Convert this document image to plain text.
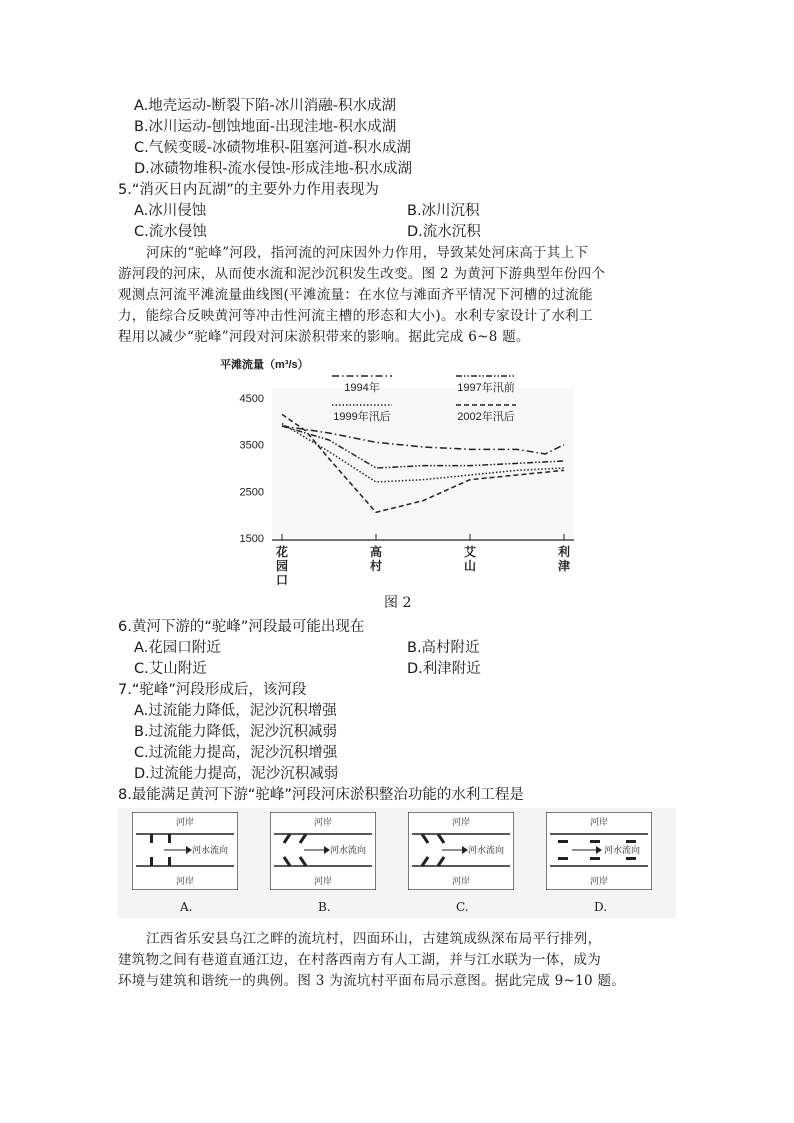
A.地壳运动-断裂下陷-冰川消融-积水成湖
B.冰川运动-刨蚀地面-出现洼地-积水成湖
C.气候变暖-冰碛物堆积-阻塞河道-积水成湖
D.冰碛物堆积-流水侵蚀-形成洼地-积水成湖
5.“消灭日内瓦湖”的主要外力作用表现为
A.冰川侵蚀	B.冰川沉积
C.流水侵蚀	D.流水沉积
河床的“驼峰”河段，指河流的河床因外力作用，导致某处河床高于其上下
游河段的河床，从而使水流和泥沙沉积发生改变。图 2 为黄河下游典型年份四个
观测点河流平滩流量曲线图(平滩流量：在水位与滩面齐平情况下河槽的过流能
力，能综合反映黄河等冲击性河流主槽的形态和大小)。水利专家设计了水利工
程用以减少“驼峰”河段对河床淤积带来的影响。据此完成 6~8 题。
平滩流量（m³/s）
4500
3500
2500
1500
花
园
口
高
村
艾
山
利
津
1994年	1997年汛前
1999年汛后	2002年汛后
图 2
6.黄河下游的“驼峰”河段最可能出现在
A.花园口附近	B.高村附近
C.艾山附近	D.利津附近
7.“驼峰”河段形成后，该河段
A.过流能力降低，泥沙沉积增强
B.过流能力降低，泥沙沉积减弱
C.过流能力提高，泥沙沉积增强
D.过流能力提高，泥沙沉积减弱
8.最能满足黄河下游“驼峰”河段河床淤积整治功能的水利工程是
河岸
河水流向
河岸
A.
河岸
河水流向
河岸
B.
河岸
河水流向
河岸
C.
河岸
河水流向
河岸
D.
江西省乐安县乌江之畔的流坑村，四面环山，古建筑成纵深布局平行排列，
建筑物之间有巷道直通江边，在村落西南方有人工湖，并与江水联为一体，成为
环境与建筑和谐统一的典例。图 3 为流坑村平面布局示意图。据此完成 9~10 题。
